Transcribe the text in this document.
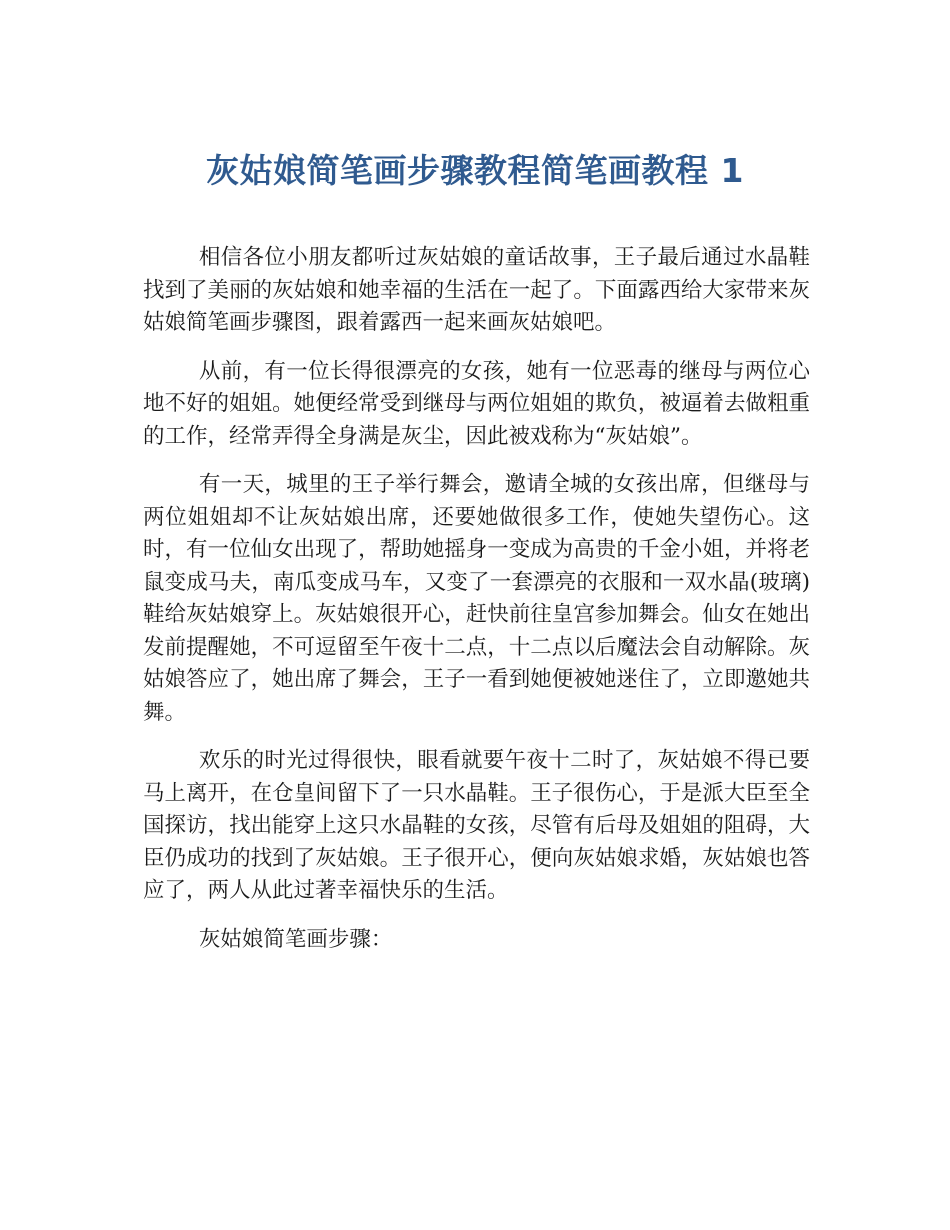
灰姑娘简笔画步骤教程简笔画教程 1

相信各位小朋友都听过灰姑娘的童话故事，王子最后通过水晶鞋找到了美丽的灰姑娘和她幸福的生活在一起了。下面露西给大家带来灰姑娘简笔画步骤图，跟着露西一起来画灰姑娘吧。

从前，有一位长得很漂亮的女孩，她有一位恶毒的继母与两位心地不好的姐姐。她便经常受到继母与两位姐姐的欺负，被逼着去做粗重的工作，经常弄得全身满是灰尘，因此被戏称为“灰姑娘”。

有一天，城里的王子举行舞会，邀请全城的女孩出席，但继母与两位姐姐却不让灰姑娘出席，还要她做很多工作，使她失望伤心。这时，有一位仙女出现了，帮助她摇身一变成为高贵的千金小姐，并将老鼠变成马夫，南瓜变成马车，又变了一套漂亮的衣服和一双水晶(玻璃)鞋给灰姑娘穿上。灰姑娘很开心，赶快前往皇宫参加舞会。仙女在她出发前提醒她，不可逗留至午夜十二点，十二点以后魔法会自动解除。灰姑娘答应了，她出席了舞会，王子一看到她便被她迷住了，立即邀她共舞。

欢乐的时光过得很快，眼看就要午夜十二时了，灰姑娘不得已要马上离开，在仓皇间留下了一只水晶鞋。王子很伤心，于是派大臣至全国探访，找出能穿上这只水晶鞋的女孩，尽管有后母及姐姐的阻碍，大臣仍成功的找到了灰姑娘。王子很开心，便向灰姑娘求婚，灰姑娘也答应了，两人从此过著幸福快乐的生活。

灰姑娘简笔画步骤：
